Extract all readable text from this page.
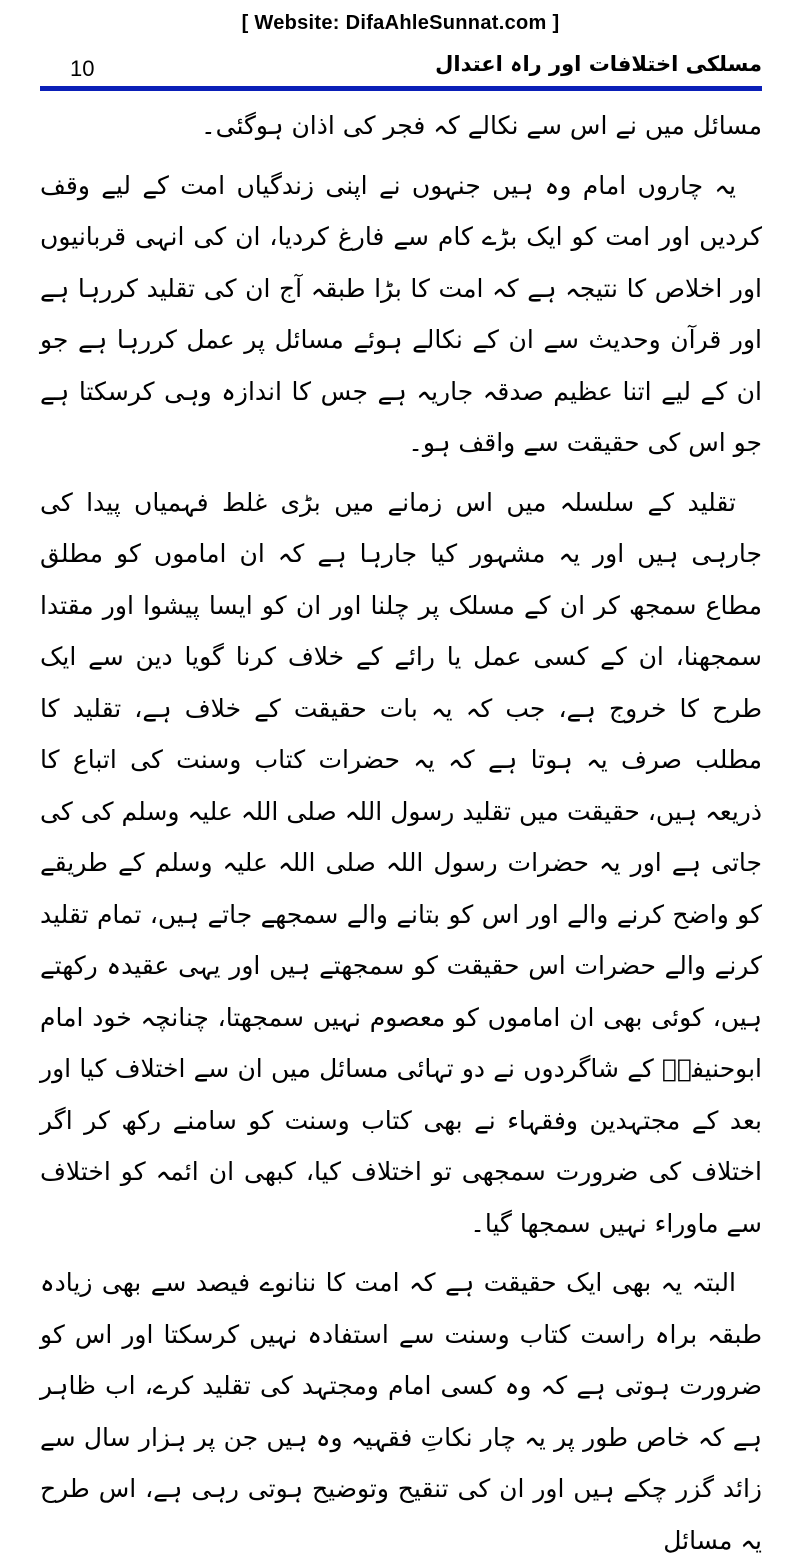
[ Website: DifaAhleSunnat.com ]
10	مسلکی اختلافات اور راہ اعتدال

مسائل میں نے اس سے نکالے کہ فجر کی اذان ہوگئی۔

یہ چاروں امام وہ ہیں جنہوں نے اپنی زندگیاں امت کے لیے وقف کردیں اور امت کو ایک بڑے کام سے فارغ کردیا، ان کی انہی قربانیوں اور اخلاص کا نتیجہ ہے کہ امت کا بڑا طبقہ آج ان کی تقلید کررہا ہے اور قرآن وحدیث سے ان کے نکالے ہوئے مسائل پر عمل کررہا ہے جو ان کے لیے اتنا عظیم صدقہ جاریہ ہے جس کا اندازہ وہی کرسکتا ہے جو اس کی حقیقت سے واقف ہو۔

تقلید کے سلسلہ میں اس زمانے میں بڑی غلط فہمیاں پیدا کی جارہی ہیں اور یہ مشہور کیا جارہا ہے کہ ان اماموں کو مطلق مطاع سمجھ کر ان کے مسلک پر چلنا اور ان کو ایسا پیشوا اور مقتدا سمجھنا، ان کے کسی عمل یا رائے کے خلاف کرنا گویا دین سے ایک طرح کا خروج ہے، جب کہ یہ بات حقیقت کے خلاف ہے، تقلید کا مطلب صرف یہ ہوتا ہے کہ یہ حضرات کتاب وسنت کی اتباع کا ذریعہ ہیں، حقیقت میں تقلید رسول اللہ صلی اللہ علیہ وسلم کی کی جاتی ہے اور یہ حضرات رسول اللہ صلی اللہ علیہ وسلم کے طریقے کو واضح کرنے والے اور اس کو بتانے والے سمجھے جاتے ہیں، تمام تقلید کرنے والے حضرات اس حقیقت کو سمجھتے ہیں اور یہی عقیدہ رکھتے ہیں، کوئی بھی ان اماموں کو معصوم نہیں سمجھتا، چنانچہ خود امام ابوحنیفہؒ کے شاگردوں نے دو تہائی مسائل میں ان سے اختلاف کیا اور بعد کے مجتہدین وفقہاء نے بھی کتاب وسنت کو سامنے رکھ کر اگر اختلاف کی ضرورت سمجھی تو اختلاف کیا، کبھی ان ائمہ کو اختلاف سے ماوراء نہیں سمجھا گیا۔

البتہ یہ بھی ایک حقیقت ہے کہ امت کا ننانوے فیصد سے بھی زیادہ طبقہ براہ راست کتاب وسنت سے استفادہ نہیں کرسکتا اور اس کو ضرورت ہوتی ہے کہ وہ کسی امام ومجتہد کی تقلید کرے، اب ظاہر ہے کہ خاص طور پر یہ چار نکاتِ فقہیہ وہ ہیں جن پر ہزار سال سے زائد گزر چکے ہیں اور ان کی تنقیح وتوضیح ہوتی رہی ہے، اس طرح یہ مسائل
